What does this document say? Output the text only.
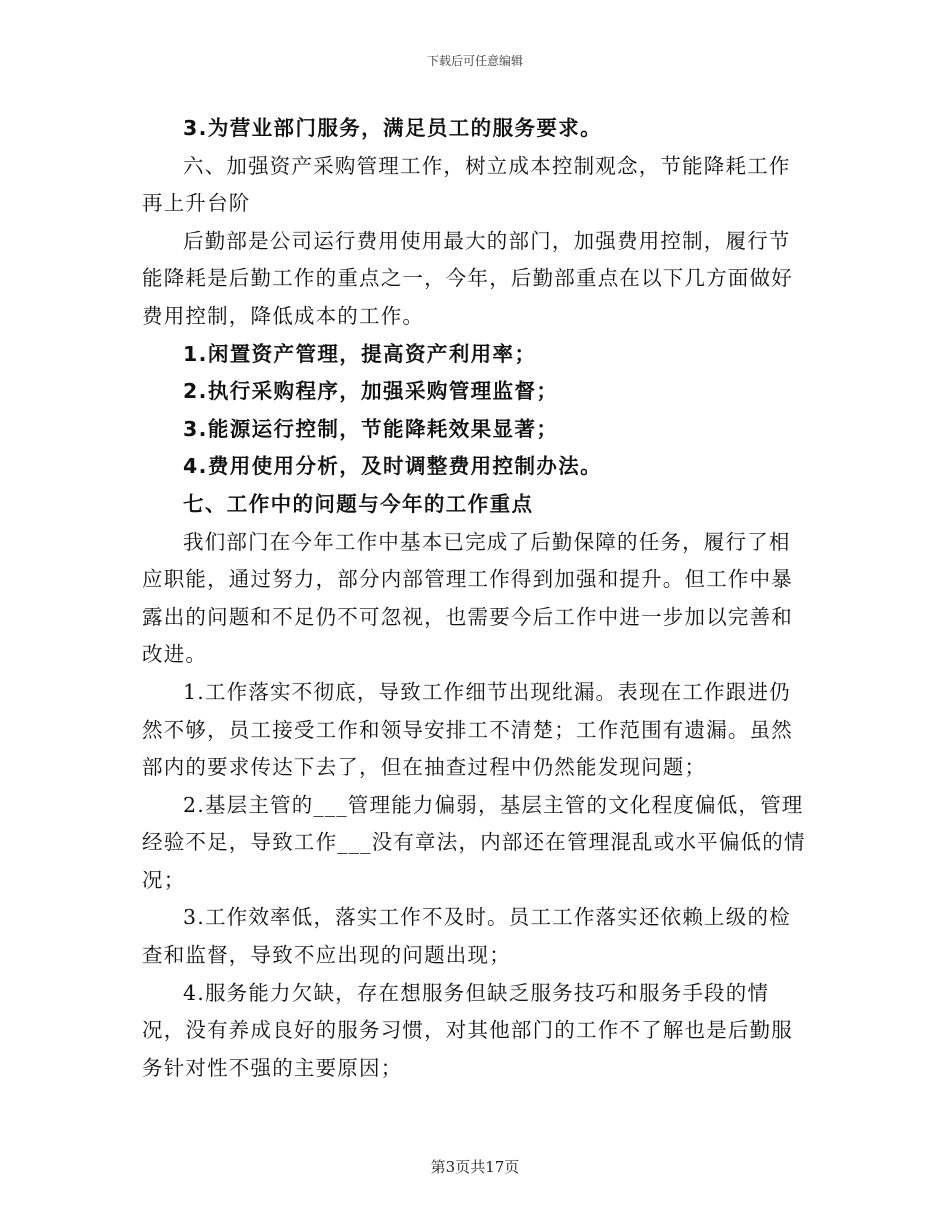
下载后可任意编辑

3.为营业部门服务，满足员工的服务要求。

六、加强资产采购管理工作，树立成本控制观念，节能降耗工作再上升台阶

后勤部是公司运行费用使用最大的部门，加强费用控制，履行节能降耗是后勤工作的重点之一，今年，后勤部重点在以下几方面做好费用控制，降低成本的工作。

1.闲置资产管理，提高资产利用率；

2.执行采购程序，加强采购管理监督；

3.能源运行控制，节能降耗效果显著；

4.费用使用分析，及时调整费用控制办法。

七、工作中的问题与今年的工作重点

我们部门在今年工作中基本已完成了后勤保障的任务，履行了相应职能，通过努力，部分内部管理工作得到加强和提升。但工作中暴露出的问题和不足仍不可忽视，也需要今后工作中进一步加以完善和改进。

1.工作落实不彻底，导致工作细节出现纰漏。表现在工作跟进仍然不够，员工接受工作和领导安排工不清楚；工作范围有遗漏。虽然部内的要求传达下去了，但在抽查过程中仍然能发现问题；

2.基层主管的___管理能力偏弱，基层主管的文化程度偏低，管理经验不足，导致工作___没有章法，内部还在管理混乱或水平偏低的情况；

3.工作效率低，落实工作不及时。员工工作落实还依赖上级的检查和监督，导致不应出现的问题出现；

4.服务能力欠缺，存在想服务但缺乏服务技巧和服务手段的情况，没有养成良好的服务习惯，对其他部门的工作不了解也是后勤服务针对性不强的主要原因；

第3页共17页
